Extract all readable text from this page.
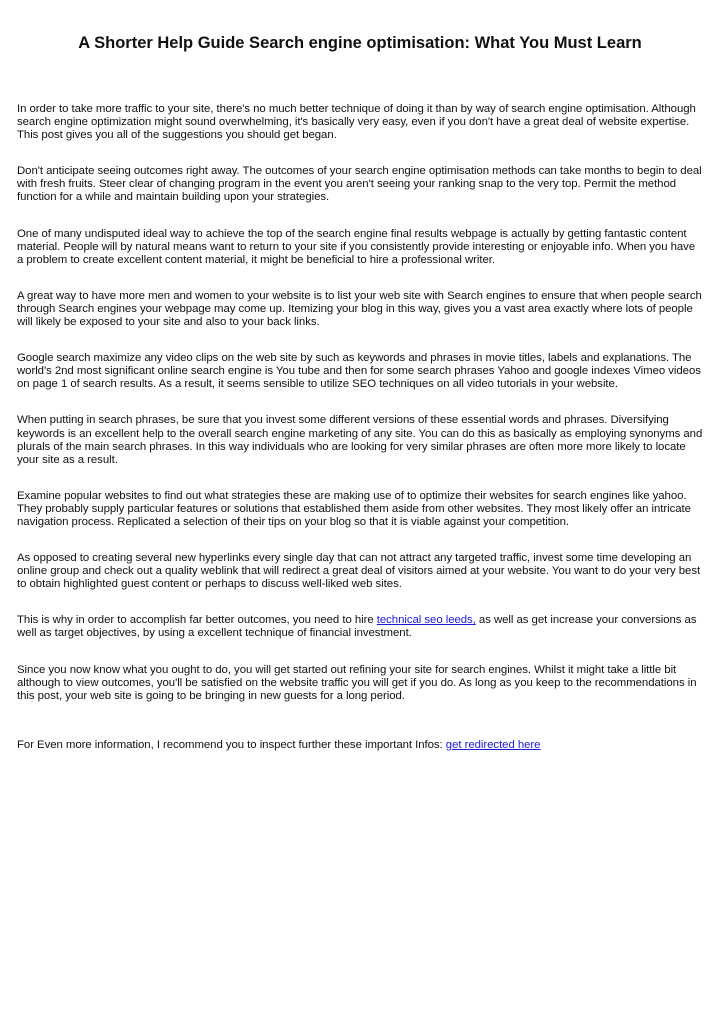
A Shorter Help Guide Search engine optimisation: What You Must Learn

In order to take more traffic to your site, there's no much better technique of doing it than by way of search engine optimisation. Although search engine optimization might sound overwhelming, it's basically very easy, even if you don't have a great deal of website expertise. This post gives you all of the suggestions you should get began.

Don't anticipate seeing outcomes right away. The outcomes of your search engine optimisation methods can take months to begin to deal with fresh fruits. Steer clear of changing program in the event you aren't seeing your ranking snap to the very top. Permit the method function for a while and maintain building upon your strategies.

One of many undisputed ideal way to achieve the top of the search engine final results webpage is actually by getting fantastic content material. People will by natural means want to return to your site if you consistently provide interesting or enjoyable info. When you have a problem to create excellent content material, it might be beneficial to hire a professional writer.

A great way to have more men and women to your website is to list your web site with Search engines to ensure that when people search through Search engines your webpage may come up. Itemizing your blog in this way, gives you a vast area exactly where lots of people will likely be exposed to your site and also to your back links.

Google search maximize any video clips on the web site by such as keywords and phrases in movie titles, labels and explanations. The world's 2nd most significant online search engine is You tube and then for some search phrases Yahoo and google indexes Vimeo videos on page 1 of search results. As a result, it seems sensible to utilize SEO techniques on all video tutorials in your website.

When putting in search phrases, be sure that you invest some different versions of these essential words and phrases. Diversifying keywords is an excellent help to the overall search engine marketing of any site. You can do this as basically as employing synonyms and plurals of the main search phrases. In this way individuals who are looking for very similar phrases are often more more likely to locate your site as a result.

Examine popular websites to find out what strategies these are making use of to optimize their websites for search engines like yahoo. They probably supply particular features or solutions that established them aside from other websites. They most likely offer an intricate navigation process. Replicated a selection of their tips on your blog so that it is viable against your competition.

As opposed to creating several new hyperlinks every single day that can not attract any targeted traffic, invest some time developing an online group and check out a quality weblink that will redirect a great deal of visitors aimed at your website. You want to do your very best to obtain highlighted guest content or perhaps to discuss well-liked web sites.

This is why in order to accomplish far better outcomes, you need to hire technical seo leeds, as well as get increase your conversions as well as target objectives, by using a excellent technique of financial investment.

Since you now know what you ought to do, you will get started out refining your site for search engines. Whilst it might take a little bit although to view outcomes, you'll be satisfied on the website traffic you will get if you do. As long as you keep to the recommendations in this post, your web site is going to be bringing in new guests for a long period.

For Even more information, I recommend you to inspect further these important Infos: get redirected here
